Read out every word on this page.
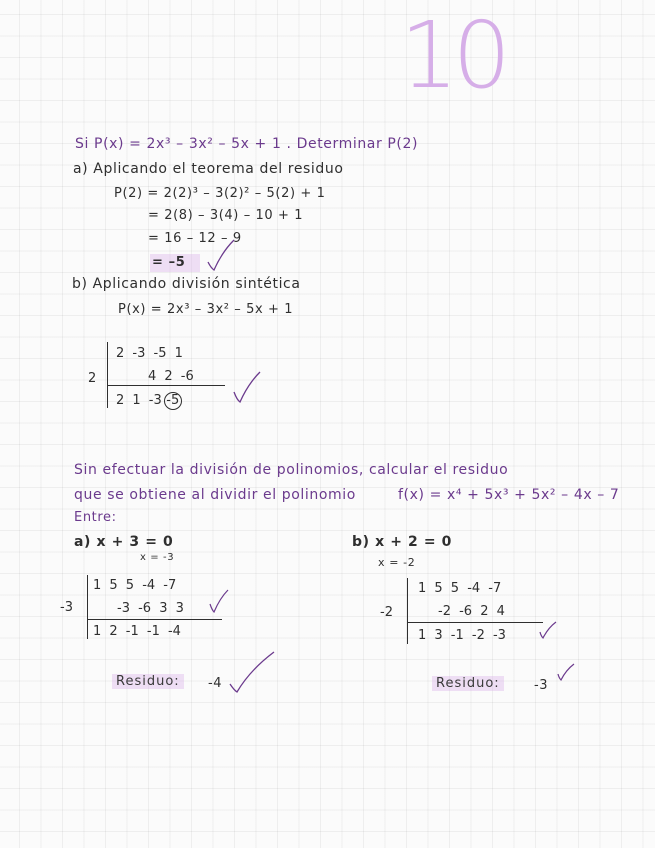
10
Si P(x) = 2x³ – 3x² – 5x + 1 . Determinar P(2)
a) Aplicando el teorema del residuo
P(2) = 2(2)³ – 3(2)² – 5(2) + 1
= 2(8) – 3(4) – 10 + 1
= 16 – 12 – 9
= –5
b) Aplicando división sintética
P(x) = 2x³ – 3x² – 5x + 1
2
2 -3 -5 1
4 2 -6
2 1 -3 -5
Sin efectuar la división de polinomios, calcular el residuo
que se obtiene al dividir el polinomio	f(x) = x⁴ + 5x³ + 5x² – 4x – 7
Entre:
a) x + 3 = 0
x = -3
-3
1 5 5 -4 -7
-3 -6 3 3
1 2 -1 -1 -4
Residuo:	-4
b) x + 2 = 0
x = -2
-2
1 5 5 -4 -7
-2 -6 2 4
1 3 -1 -2 -3
Residuo:	-3
